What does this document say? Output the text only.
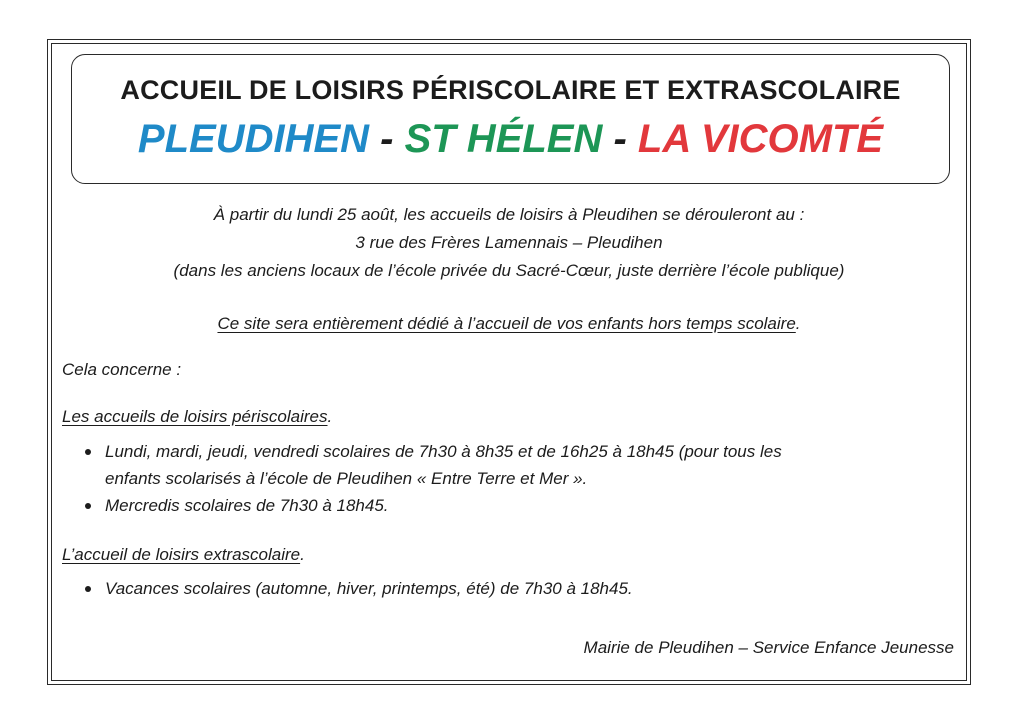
ACCUEIL DE LOISIRS PÉRISCOLAIRE ET EXTRASCOLAIRE
PLEUDIHEN - ST HÉLEN - LA VICOMTÉ
À partir du lundi 25 août, les accueils de loisirs à Pleudihen se dérouleront au :
3 rue des Frères Lamennais – Pleudihen
(dans les anciens locaux de l’école privée du Sacré-Cœur, juste derrière l’école publique)
Ce site sera entièrement dédié à l’accueil de vos enfants hors temps scolaire.
Cela concerne :
Les accueils de loisirs périscolaires.
Lundi, mardi, jeudi, vendredi scolaires de 7h30 à 8h35 et de 16h25 à 18h45 (pour tous les
enfants scolarisés à l’école de Pleudihen « Entre Terre et Mer ».
Mercredis scolaires de 7h30 à 18h45.
L’accueil de loisirs extrascolaire.
Vacances scolaires (automne, hiver, printemps, été) de 7h30 à 18h45.
Mairie de Pleudihen – Service Enfance Jeunesse
